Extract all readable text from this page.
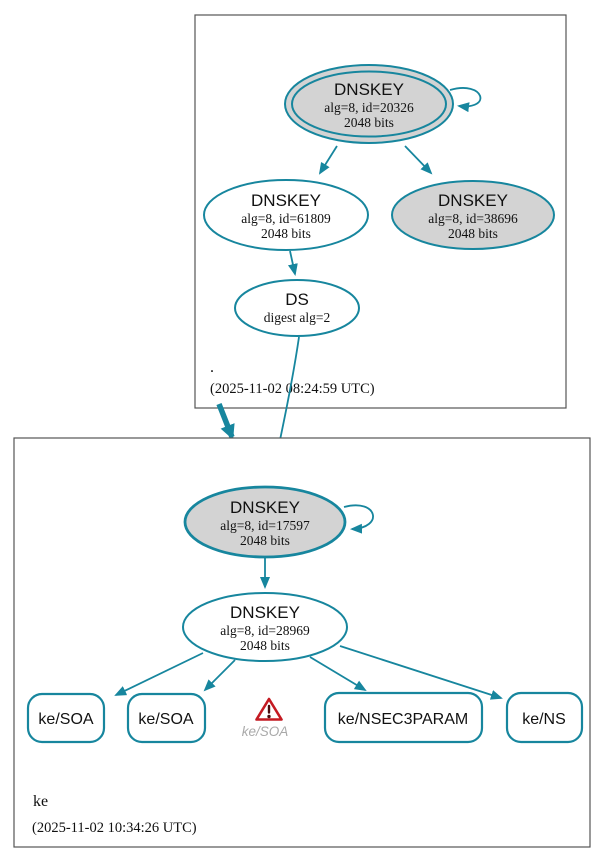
.
(2025-11-02 08:24:59 UTC)
DNSKEY
alg=8, id=20326
2048 bits
DNSKEY
alg=8, id=61809
2048 bits
DNSKEY
alg=8, id=38696
2048 bits
DS
digest alg=2
ke
(2025-11-02 10:34:26 UTC)
DNSKEY
alg=8, id=17597
2048 bits
DNSKEY
alg=8, id=28969
2048 bits
ke/SOA	ke/SOA
ke/SOA
ke/NSEC3PARAM	ke/NS
